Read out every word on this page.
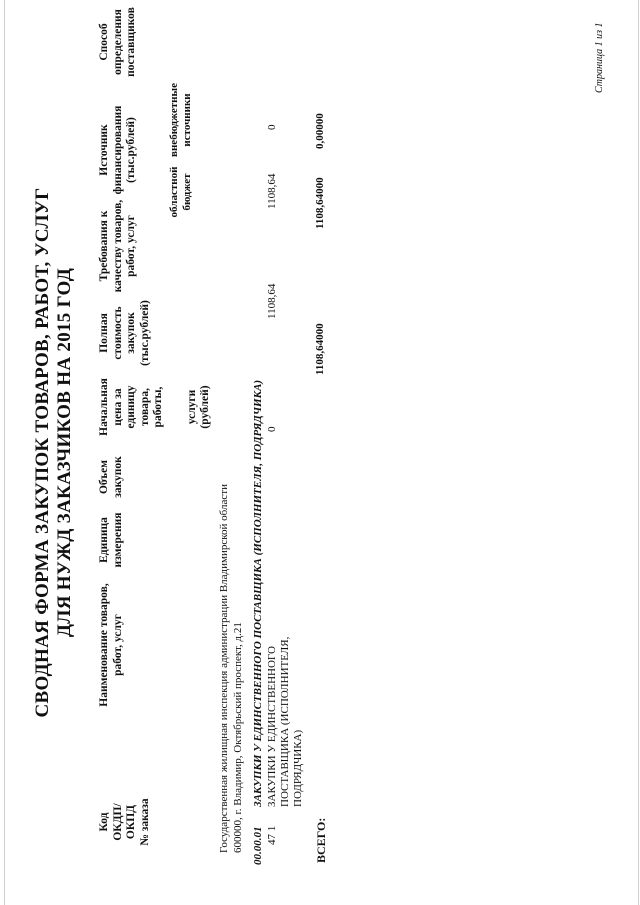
СВОДНАЯ ФОРМА ЗАКУПОК ТОВАРОВ, РАБОТ, УСЛУГ ДЛЯ НУЖД ЗАКАЗЧИКОВ НА 2015 ГОД
Код ОКДП/ ОКПД № заказа
Наименование товаров, работ, услуг
Единица измерения
Объем закупок
Начальная цена за единицу товара, работы, услуги (рублей)
Полная стоимость закупок (тыс.рублей)
Требования к качеству товаров, работ, услуг
Источник финансирования (тыс.рублей)
областной бюджет
внебюджетные источники
Способ определения поставщиков
Государственная жилищная инспекция администрации Владимирской области 600000, г. Владимир, Октябрьский проспект, д.21 00.00.01
ЗАКУПКИ У ЕДИНСТВЕННОГО ПОСТАВЩИКА (ИСПОЛНИТЕЛЯ, ПОДРЯДЧИКА)
47 1
ЗАКУПКИ У ЕДИНСТВЕННОГО ПОСТАВЩИКА (ИСПОЛНИТЕЛЯ, ПОДРЯДЧИКА)
0
1108,64
1108,64
0
ВСЕГО:
1108,64000
1108,64000
0,00000
Страница 1 из 1
